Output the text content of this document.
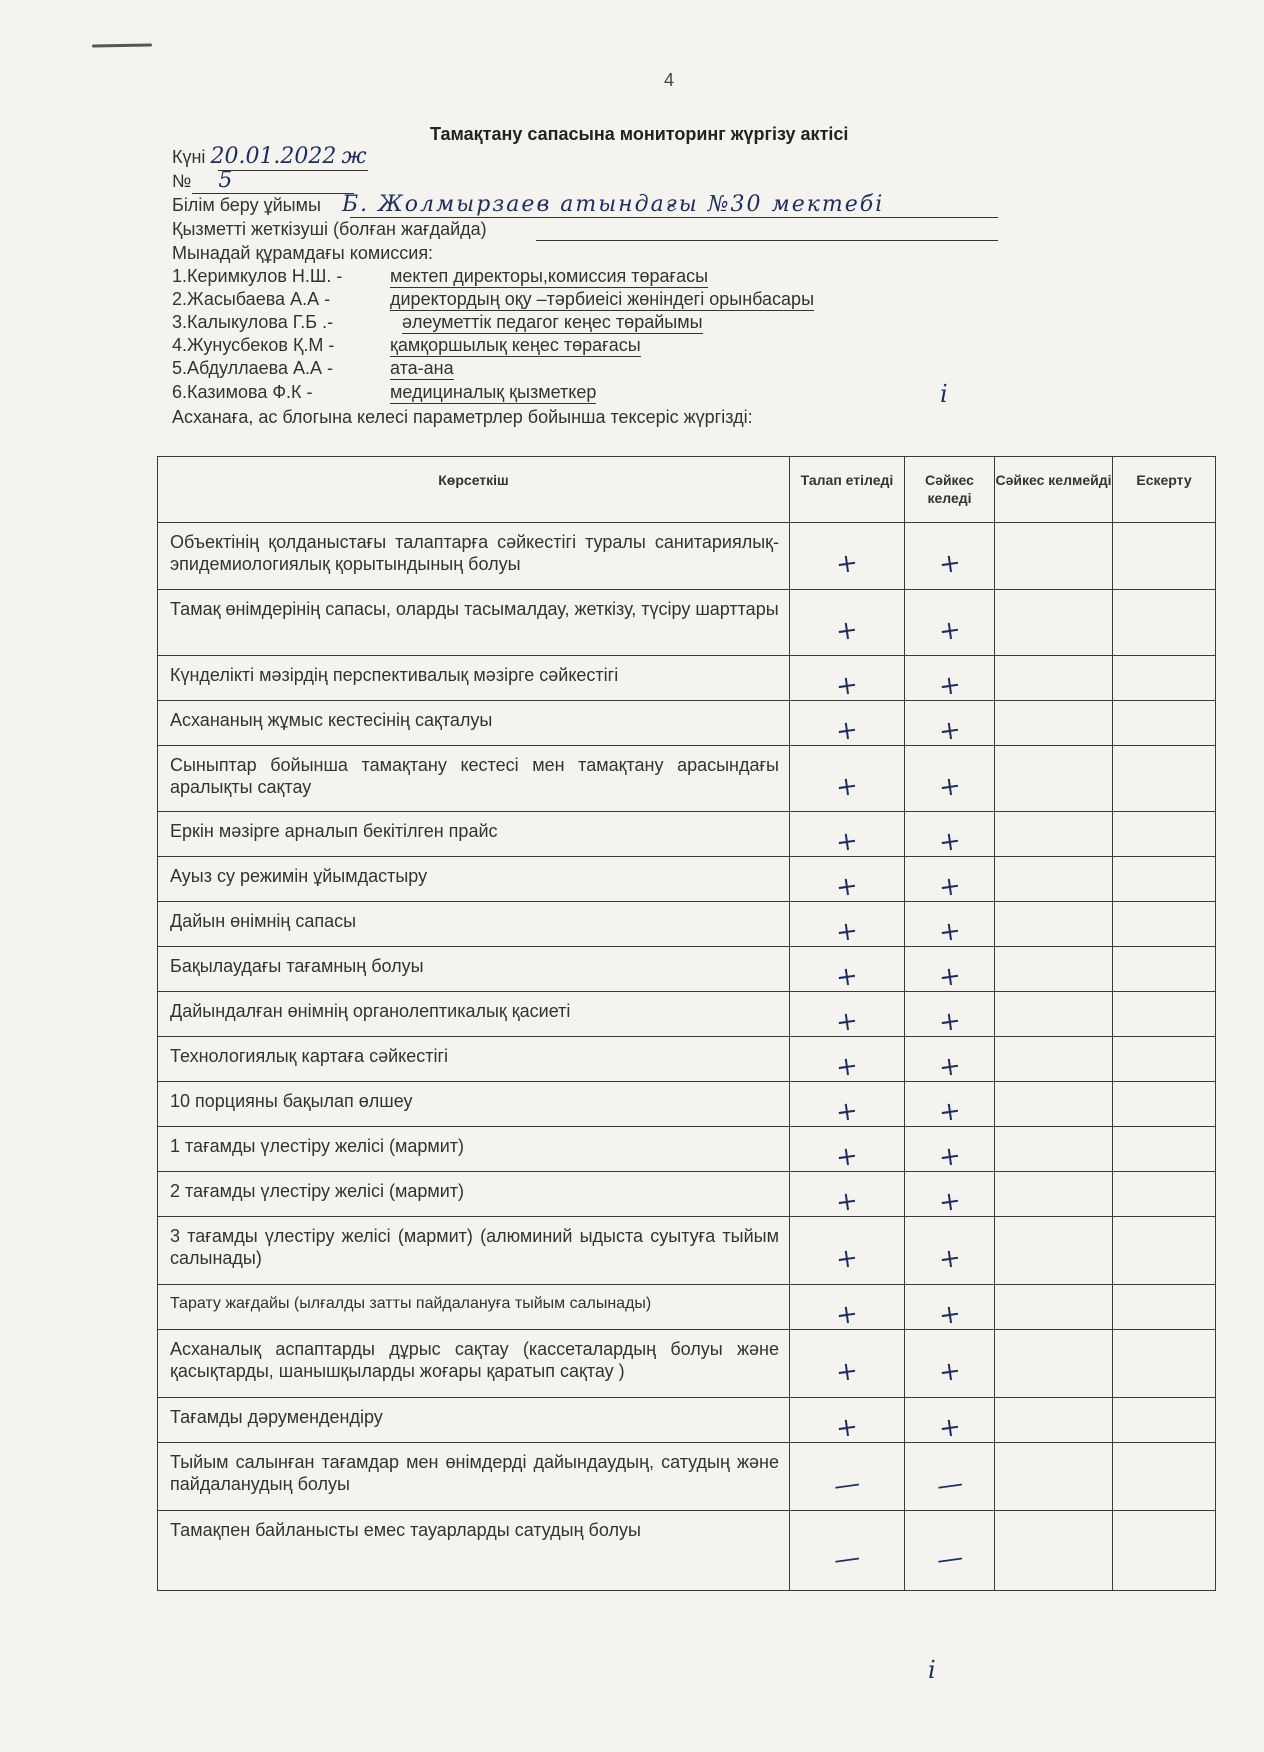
4
Тамақтану сапасына мониторинг жүргізу актісі
Күні 20.01.2022 ж
№ 5
Білім беру ұйымы Б. Жолмырзаев атындағы №30 мектебі
Қызметті жеткізуші (болған жағдайда)
Мынадай құрамдағы комиссия:
1.Керимкулов Н.Ш. -	мектеп директоры,комиссия төрағасы
2.Жасыбаева А.А -	директордың оқу –тәрбиеісі жөніндегі орынбасары
3.Калыкулова Г.Б .-	әлеуметтік педагог кеңес төрайымы
4.Жунусбеков Қ.М -	қамқоршылық кеңес төрағасы
5.Абдуллаева А.А -	ата-ана
6.Казимова Ф.К -	медициналық қызметкер	i
Асханаға, ас блогына келесі параметрлер бойынша тексеріс жүргізді:
Көрсеткіш	Талап етіледі	Сәйкес келеді	Сәйкес келмейді	Ескерту
Объектінің қолданыстағы талаптарға сәйкестігі туралы санитариялық-эпидемиологиялық қорытындының болуы	+	+		
Тамақ өнімдерінің сапасы, оларды тасымалдау, жеткізу, түсіру шарттары	+	+		
Күнделікті мәзірдің перспективалық мәзірге сәйкестігі	+	+		
Асхананың жұмыс кестесінің сақталуы	+	+		
Сыныптар бойынша тамақтану кестесі мен тамақтану арасындағы аралықты сақтау	+	+		
Еркін мәзірге арналып бекітілген прайс	+	+		
Ауыз су режимін ұйымдастыру	+	+		
Дайын өнімнің сапасы	+	+		
Бақылаудағы тағамның болуы	+	+		
Дайындалған өнімнің органолептикалық қасиеті	+	+		
Технологиялық картаға сәйкестігі	+	+		
10 порцияны бақылап өлшеу	+	+		
1 тағамды үлестіру желісі (мармит)	+	+		
2 тағамды үлестіру желісі (мармит)	+	+		
3 тағамды үлестіру желісі (мармит) (алюминий ыдыста суытуға тыйым салынады)	+	+		
Тарату жағдайы (ылғалды затты пайдалануға тыйым салынады)	+	+		
Асханалық аспаптарды дұрыс сақтау (кассеталардың болуы және қасықтарды, шанышқыларды жоғары қаратып сақтау )	+	+		
Тағамды дәрумендендіру	+	+		
Тыйым салынған тағамдар мен өнімдерді дайындаудың, сатудың және пайдаланудың болуы	—	—		
Тамақпен байланысты емес тауарларды сатудың болуы	—	—		
i
